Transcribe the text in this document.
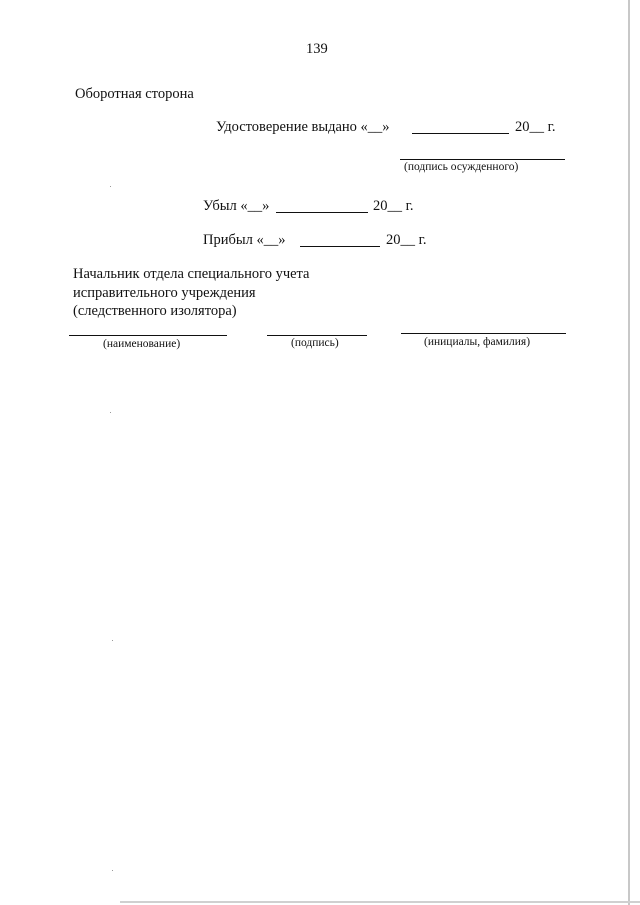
139
Оборотная сторона
Удостоверение выдано «__»	20__ г.
(подпись осужденного)
Убыл «__»	20__ г.
Прибыл «__»	20__ г.
Начальник отдела специального учета
исправительного учреждения
(следственного изолятора)
(наименование)	(подпись)	(инициалы, фамилия)
